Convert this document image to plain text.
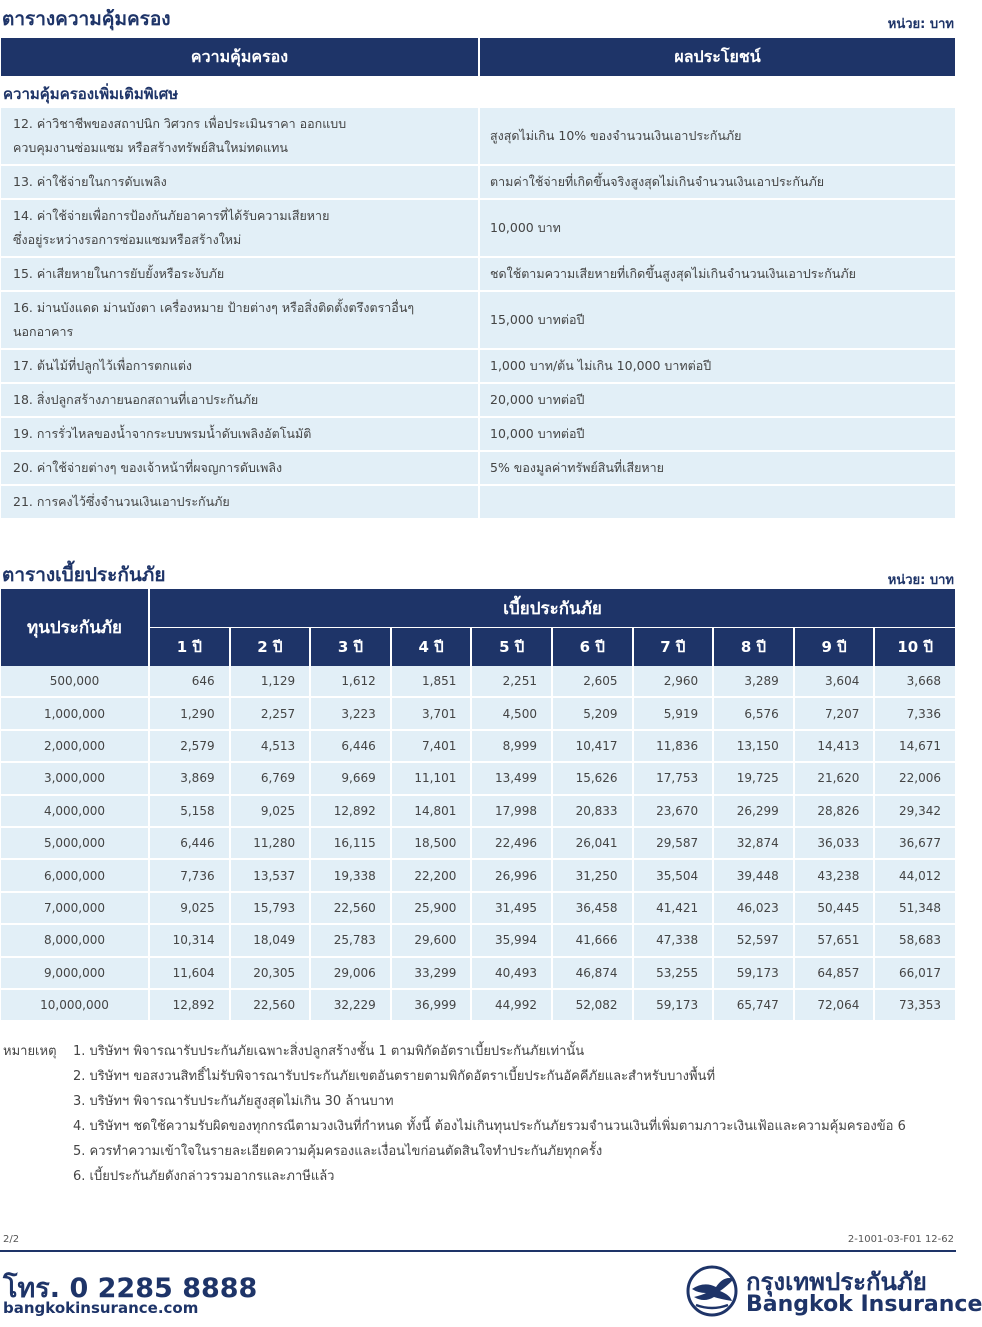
ตารางความคุ้มครอง	หน่วย: บาท
ความคุ้มครอง	ผลประโยชน์
ความคุ้มครองเพิ่มเติมพิเศษ	
12. ค่าวิชาชีพของสถาปนิก วิศวกร เพื่อประเมินราคา ออกแบบ
ควบคุมงานซ่อมแซม หรือสร้างทรัพย์สินใหม่ทดแทน	สูงสุดไม่เกิน 10% ของจำนวนเงินเอาประกันภัย
13. ค่าใช้จ่ายในการดับเพลิง	ตามค่าใช้จ่ายที่เกิดขึ้นจริงสูงสุดไม่เกินจำนวนเงินเอาประกันภัย
14. ค่าใช้จ่ายเพื่อการป้องกันภัยอาคารที่ได้รับความเสียหาย
ซึ่งอยู่ระหว่างรอการซ่อมแซมหรือสร้างใหม่	10,000 บาท
15. ค่าเสียหายในการยับยั้งหรือระงับภัย	ชดใช้ตามความเสียหายที่เกิดขึ้นสูงสุดไม่เกินจำนวนเงินเอาประกันภัย
16. ม่านบังแดด ม่านบังตา เครื่องหมาย ป้ายต่างๆ หรือสิ่งติดตั้งตรึงตราอื่นๆ
นอกอาคาร	15,000 บาทต่อปี
17. ต้นไม้ที่ปลูกไว้เพื่อการตกแต่ง	1,000 บาท/ต้น ไม่เกิน 10,000 บาทต่อปี
18. สิ่งปลูกสร้างภายนอกสถานที่เอาประกันภัย	20,000 บาทต่อปี
19. การรั่วไหลของน้ำจากระบบพรมน้ำดับเพลิงอัตโนมัติ	10,000 บาทต่อปี
20. ค่าใช้จ่ายต่างๆ ของเจ้าหน้าที่ผจญการดับเพลิง	5% ของมูลค่าทรัพย์สินที่เสียหาย
21. การคงไว้ซึ่งจำนวนเงินเอาประกันภัย	
ตารางเบี้ยประกันภัย	หน่วย: บาท
ทุนประกันภัย	เบี้ยประกันภัย									
	1 ปี	2 ปี	3 ปี	4 ปี	5 ปี	6 ปี	7 ปี	8 ปี	9 ปี	10 ปี
500,000	646	1,129	1,612	1,851	2,251	2,605	2,960	3,289	3,604	3,668
1,000,000	1,290	2,257	3,223	3,701	4,500	5,209	5,919	6,576	7,207	7,336
2,000,000	2,579	4,513	6,446	7,401	8,999	10,417	11,836	13,150	14,413	14,671
3,000,000	3,869	6,769	9,669	11,101	13,499	15,626	17,753	19,725	21,620	22,006
4,000,000	5,158	9,025	12,892	14,801	17,998	20,833	23,670	26,299	28,826	29,342
5,000,000	6,446	11,280	16,115	18,500	22,496	26,041	29,587	32,874	36,033	36,677
6,000,000	7,736	13,537	19,338	22,200	26,996	31,250	35,504	39,448	43,238	44,012
7,000,000	9,025	15,793	22,560	25,900	31,495	36,458	41,421	46,023	50,445	51,348
8,000,000	10,314	18,049	25,783	29,600	35,994	41,666	47,338	52,597	57,651	58,683
9,000,000	11,604	20,305	29,006	33,299	40,493	46,874	53,255	59,173	64,857	66,017
10,000,000	12,892	22,560	32,229	36,999	44,992	52,082	59,173	65,747	72,064	73,353
หมายเหตุ	1. บริษัทฯ พิจารณารับประกันภัยเฉพาะสิ่งปลูกสร้างชั้น 1 ตามพิกัดอัตราเบี้ยประกันภัยเท่านั้น
2. บริษัทฯ ขอสงวนสิทธิ์ไม่รับพิจารณารับประกันภัยเขตอันตรายตามพิกัดอัตราเบี้ยประกันอัคคีภัยและสำหรับบางพื้นที่
3. บริษัทฯ พิจารณารับประกันภัยสูงสุดไม่เกิน 30 ล้านบาท
4. บริษัทฯ ชดใช้ความรับผิดของทุกกรณีตามวงเงินที่กำหนด ทั้งนี้ ต้องไม่เกินทุนประกันภัยรวมจำนวนเงินที่เพิ่มตามภาวะเงินเฟ้อและความคุ้มครองข้อ 6
5. ควรทำความเข้าใจในรายละเอียดความคุ้มครองและเงื่อนไขก่อนตัดสินใจทำประกันภัยทุกครั้ง
6. เบี้ยประกันภัยดังกล่าวรวมอากรและภาษีแล้ว
2/2	2-1001-03-F01 12-62
โทร. 0 2285 8888
bangkokinsurance.com
กรุงเทพประกันภัย
Bangkok Insurance
